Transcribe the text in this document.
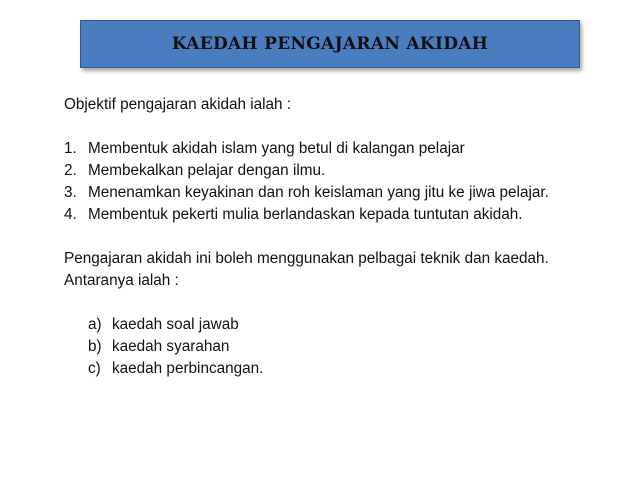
KAEDAH PENGAJARAN AKIDAH

Objektif pengajaran akidah ialah :

1. Membentuk akidah islam yang betul di kalangan pelajar
2. Membekalkan pelajar dengan ilmu.
3. Menenamkan keyakinan dan roh keislaman yang jitu ke jiwa pelajar.
4. Membentuk pekerti mulia berlandaskan kepada tuntutan akidah.

Pengajaran akidah ini boleh menggunakan pelbagai teknik dan kaedah. Antaranya ialah :

a) kaedah soal jawab
b) kaedah syarahan
c) kaedah perbincangan.
